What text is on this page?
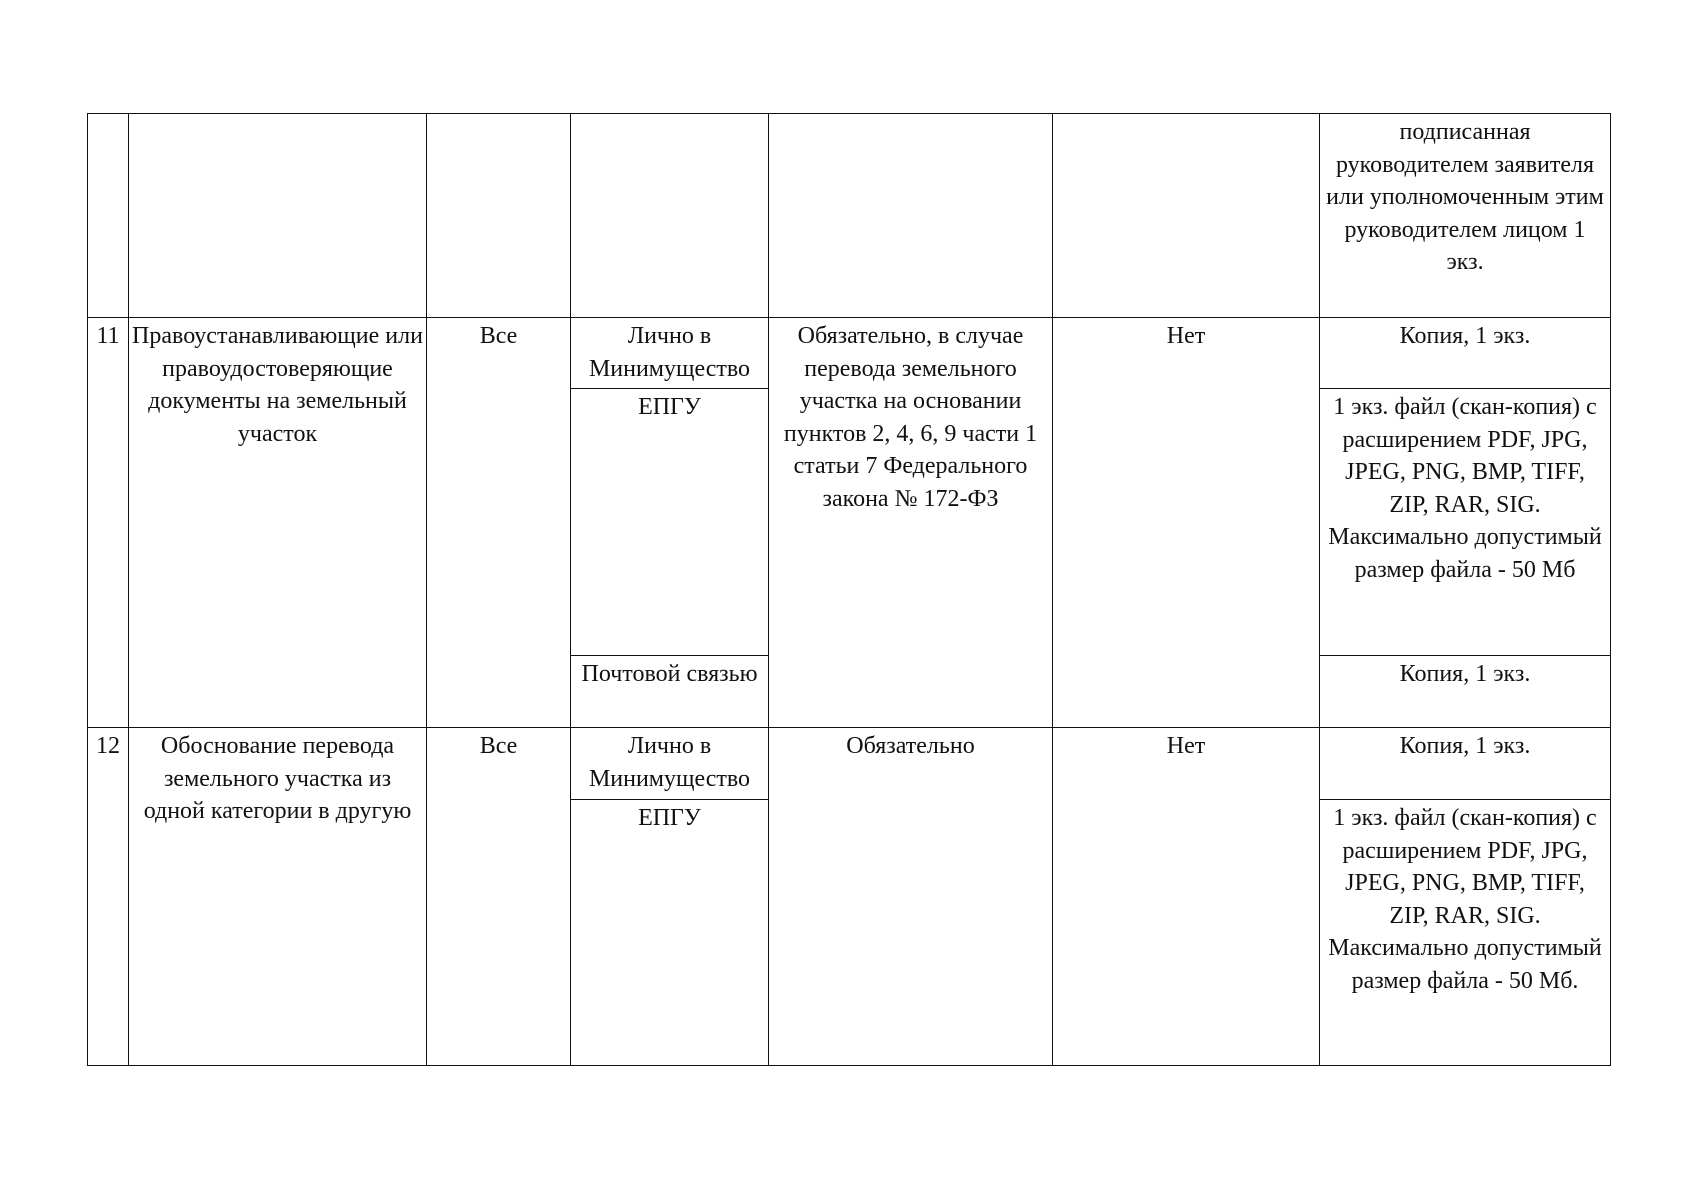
						подписанная руководителем заявителя или уполномоченным этим руководителем лицом 1 экз.

11	Правоустанавливающие или правоудостоверяющие документы на земельный участок	Все	Лично в Минимущество	Обязательно, в случае перевода земельного участка на основании пунктов 2, 4, 6, 9 части 1 статьи 7 Федерального закона № 172-ФЗ	Нет	Копия, 1 экз.
			ЕПГУ			1 экз. файл (скан-копия) с расширением PDF, JPG, JPEG, PNG, BMP, TIFF, ZIP, RAR, SIG. Максимально допустимый размер файла - 50 Мб
			Почтовой связью			Копия, 1 экз.
12	Обоснование перевода земельного участка из одной категории в другую	Все	Лично в Минимущество	Обязательно	Нет	Копия, 1 экз.
			ЕПГУ			1 экз. файл (скан-копия) с расширением PDF, JPG, JPEG, PNG, BMP, TIFF, ZIP, RAR, SIG. Максимально допустимый размер файла - 50 Мб.
